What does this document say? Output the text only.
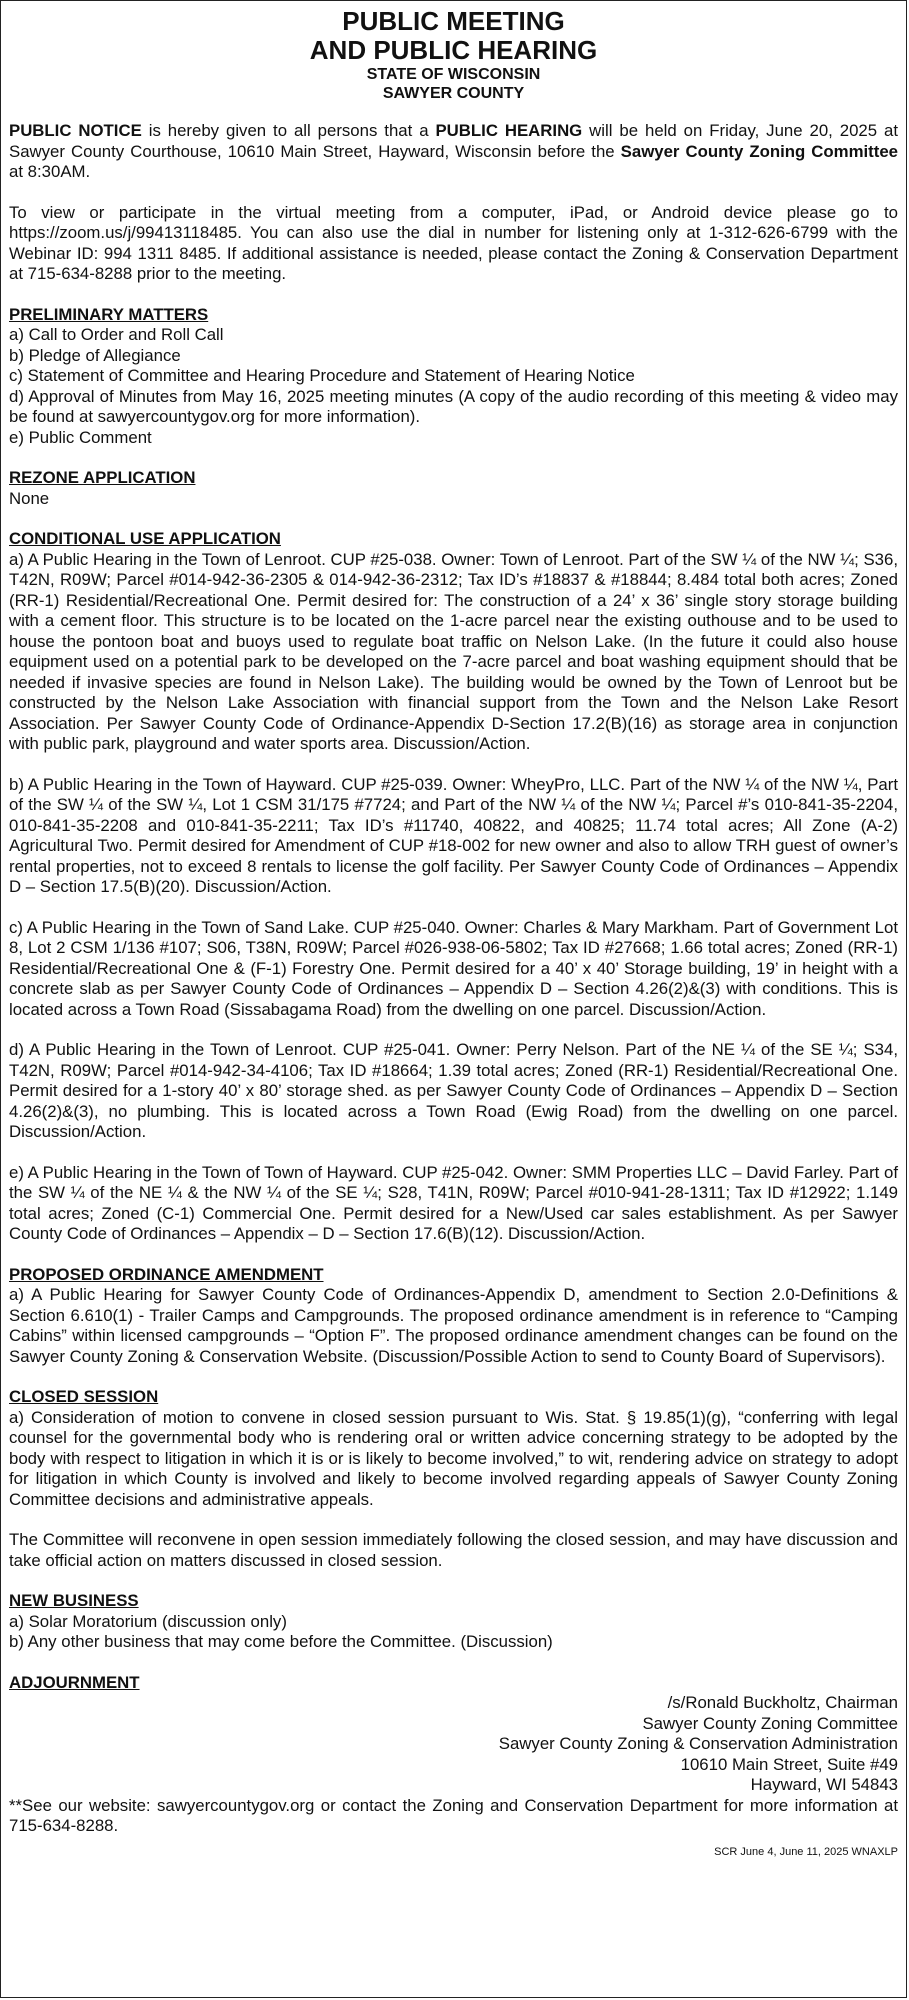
PUBLIC MEETING

AND PUBLIC HEARING

STATE OF WISCONSIN

SAWYER COUNTY

PUBLIC NOTICE is hereby given to all persons that a PUBLIC HEARING will be held on Friday, June 20, 2025 at Sawyer County Courthouse, 10610 Main Street, Hayward, Wisconsin before the Sawyer County Zoning Committee at 8:30AM.

To view or participate in the virtual meeting from a computer, iPad, or Android device please go to https://zoom.us/j/99413118485. You can also use the dial in number for listening only at 1-312-626-6799 with the Webinar ID: 994 1311 8485. If additional assistance is needed, please contact the Zoning & Conservation Department at 715-634-8288 prior to the meeting.

PRELIMINARY MATTERS

a) Call to Order and Roll Call

b) Pledge of Allegiance

c) Statement of Committee and Hearing Procedure and Statement of Hearing Notice

d) Approval of Minutes from May 16, 2025 meeting minutes (A copy of the audio recording of this meeting & video may be found at sawyercountygov.org for more information).

e) Public Comment

REZONE APPLICATION

None

CONDITIONAL USE APPLICATION

a) A Public Hearing in the Town of Lenroot. CUP #25-038. Owner: Town of Lenroot. Part of the SW ¼ of the NW ¼; S36, T42N, R09W; Parcel #014-942-36-2305 & 014-942-36-2312; Tax ID’s #18837 & #18844; 8.484 total both acres; Zoned (RR-1) Residential/Recreational One. Permit desired for: The construction of a 24’ x 36’ single story storage building with a cement floor. This structure is to be located on the 1-acre parcel near the existing outhouse and to be used to house the pontoon boat and buoys used to regulate boat traffic on Nelson Lake. (In the future it could also house equipment used on a potential park to be developed on the 7-acre parcel and boat washing equipment should that be needed if invasive species are found in Nelson Lake). The building would be owned by the Town of Lenroot but be constructed by the Nelson Lake Association with financial support from the Town and the Nelson Lake Resort Association. Per Sawyer County Code of Ordinance-Appendix D-Section 17.2(B)(16) as storage area in conjunction with public park, playground and water sports area. Discussion/Action.

b) A Public Hearing in the Town of Hayward. CUP #25-039. Owner: WheyPro, LLC. Part of the NW ¼ of the NW ¼, Part of the SW ¼ of the SW ¼, Lot 1 CSM 31/175 #7724; and Part of the NW ¼ of the NW ¼; Parcel #’s 010-841-35-2204, 010-841-35-2208 and 010-841-35-2211; Tax ID’s #11740, 40822, and 40825; 11.74 total acres; All Zone (A-2) Agricultural Two. Permit desired for Amendment of CUP #18-002 for new owner and also to allow TRH guest of owner’s rental properties, not to exceed 8 rentals to license the golf facility. Per Sawyer County Code of Ordinances – Appendix D – Section 17.5(B)(20). Discussion/Action.

c) A Public Hearing in the Town of Sand Lake. CUP #25-040. Owner: Charles & Mary Markham. Part of Government Lot 8, Lot 2 CSM 1/136 #107; S06, T38N, R09W; Parcel #026-938-06-5802; Tax ID #27668; 1.66 total acres; Zoned (RR-1) Residential/Recreational One & (F-1) Forestry One. Permit desired for a 40’ x 40’ Storage building, 19’ in height with a concrete slab as per Sawyer County Code of Ordinances – Appendix D – Section 4.26(2)&(3) with conditions. This is located across a Town Road (Sissabagama Road) from the dwelling on one parcel. Discussion/Action.

d) A Public Hearing in the Town of Lenroot. CUP #25-041. Owner: Perry Nelson. Part of the NE ¼ of the SE ¼; S34, T42N, R09W; Parcel #014-942-34-4106; Tax ID #18664; 1.39 total acres; Zoned (RR-1) Residential/Recreational One. Permit desired for a 1-story 40’ x 80’ storage shed. as per Sawyer County Code of Ordinances – Appendix D – Section 4.26(2)&(3), no plumbing. This is located across a Town Road (Ewig Road) from the dwelling on one parcel. Discussion/Action.

e) A Public Hearing in the Town of Town of Hayward. CUP #25-042. Owner: SMM Properties LLC – David Farley. Part of the SW ¼ of the NE ¼ & the NW ¼ of the SE ¼; S28, T41N, R09W; Parcel #010-941-28-1311; Tax ID #12922; 1.149 total acres; Zoned (C-1) Commercial One. Permit desired for a New/Used car sales establishment. As per Sawyer County Code of Ordinances – Appendix – D – Section 17.6(B)(12). Discussion/Action.

PROPOSED ORDINANCE AMENDMENT

a) A Public Hearing for Sawyer County Code of Ordinances-Appendix D, amendment to Section 2.0-Definitions & Section 6.610(1) - Trailer Camps and Campgrounds. The proposed ordinance amendment is in reference to “Camping Cabins” within licensed campgrounds – “Option F”. The proposed ordinance amendment changes can be found on the Sawyer County Zoning & Conservation Website. (Discussion/Possible Action to send to County Board of Supervisors).

CLOSED SESSION

a) Consideration of motion to convene in closed session pursuant to Wis. Stat. § 19.85(1)(g), “conferring with legal counsel for the governmental body who is rendering oral or written advice concerning strategy to be adopted by the body with respect to litigation in which it is or is likely to become involved,” to wit, rendering advice on strategy to adopt for litigation in which County is involved and likely to become involved regarding appeals of Sawyer County Zoning Committee decisions and administrative appeals.

The Committee will reconvene in open session immediately following the closed session, and may have discussion and take official action on matters discussed in closed session.

NEW BUSINESS

a) Solar Moratorium (discussion only)

b) Any other business that may come before the Committee. (Discussion)

ADJOURNMENT

/s/Ronald Buckholtz, Chairman

Sawyer County Zoning Committee

Sawyer County Zoning & Conservation Administration

10610 Main Street, Suite #49

Hayward, WI 54843

**See our website: sawyercountygov.org or contact the Zoning and Conservation Department for more information at 715-634-8288.

SCR June 4, June 11, 2025 WNAXLP
